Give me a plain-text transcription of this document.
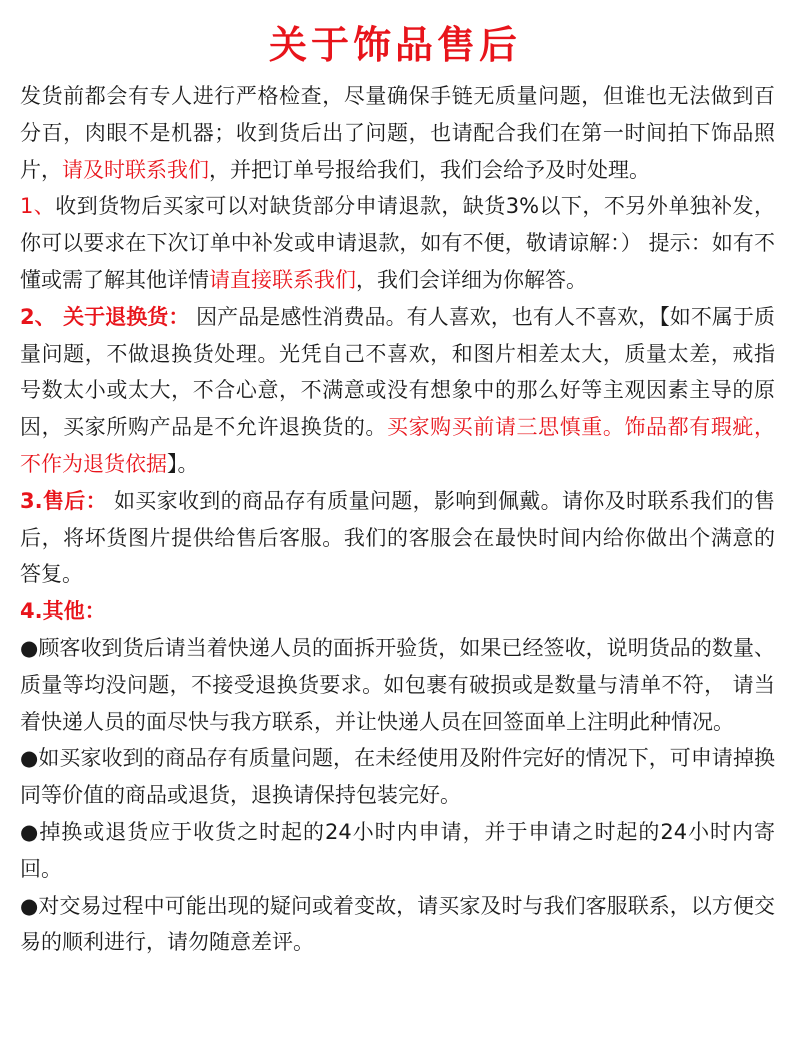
关于饰品售后

发货前都会有专人进行严格检查，尽量确保手链无质量问题，但谁也无法做到百分百，肉眼不是机器；收到货后出了问题，也请配合我们在第一时间拍下饰品照片，请及时联系我们，并把订单号报给我们，我们会给予及时处理。

1、收到货物后买家可以对缺货部分申请退款，缺货3%以下，不另外单独补发，你可以要求在下次订单中补发或申请退款，如有不便，敬请谅解：） 提示：如有不懂或需了解其他详情请直接联系我们，我们会详细为你解答。

2、 关于退换货： 因产品是感性消费品。有人喜欢，也有人不喜欢，【如不属于质量问题，不做退换货处理。光凭自己不喜欢，和图片相差太大，质量太差，戒指号数太小或太大，不合心意，不满意或没有想象中的那么好等主观因素主导的原因，买家所购产品是不允许退换货的。买家购买前请三思慎重。饰品都有瑕疵，不作为退货依据】。

3.售后： 如买家收到的商品存有质量问题，影响到佩戴。请你及时联系我们的售后，将坏货图片提供给售后客服。我们的客服会在最快时间内给你做出个满意的答复。

4.其他：

●顾客收到货后请当着快递人员的面拆开验货，如果已经签收，说明货品的数量、质量等均没问题，不接受退换货要求。如包裹有破损或是数量与清单不符， 请当着快递人员的面尽快与我方联系，并让快递人员在回签面单上注明此种情况。

●如买家收到的商品存有质量问题，在未经使用及附件完好的情况下，可申请掉换同等价值的商品或退货，退换请保持包装完好。

●掉换或退货应于收货之时起的24小时内申请，并于申请之时起的24小时内寄回。

●对交易过程中可能出现的疑问或着变故，请买家及时与我们客服联系，以方便交易的顺利进行，请勿随意差评。
